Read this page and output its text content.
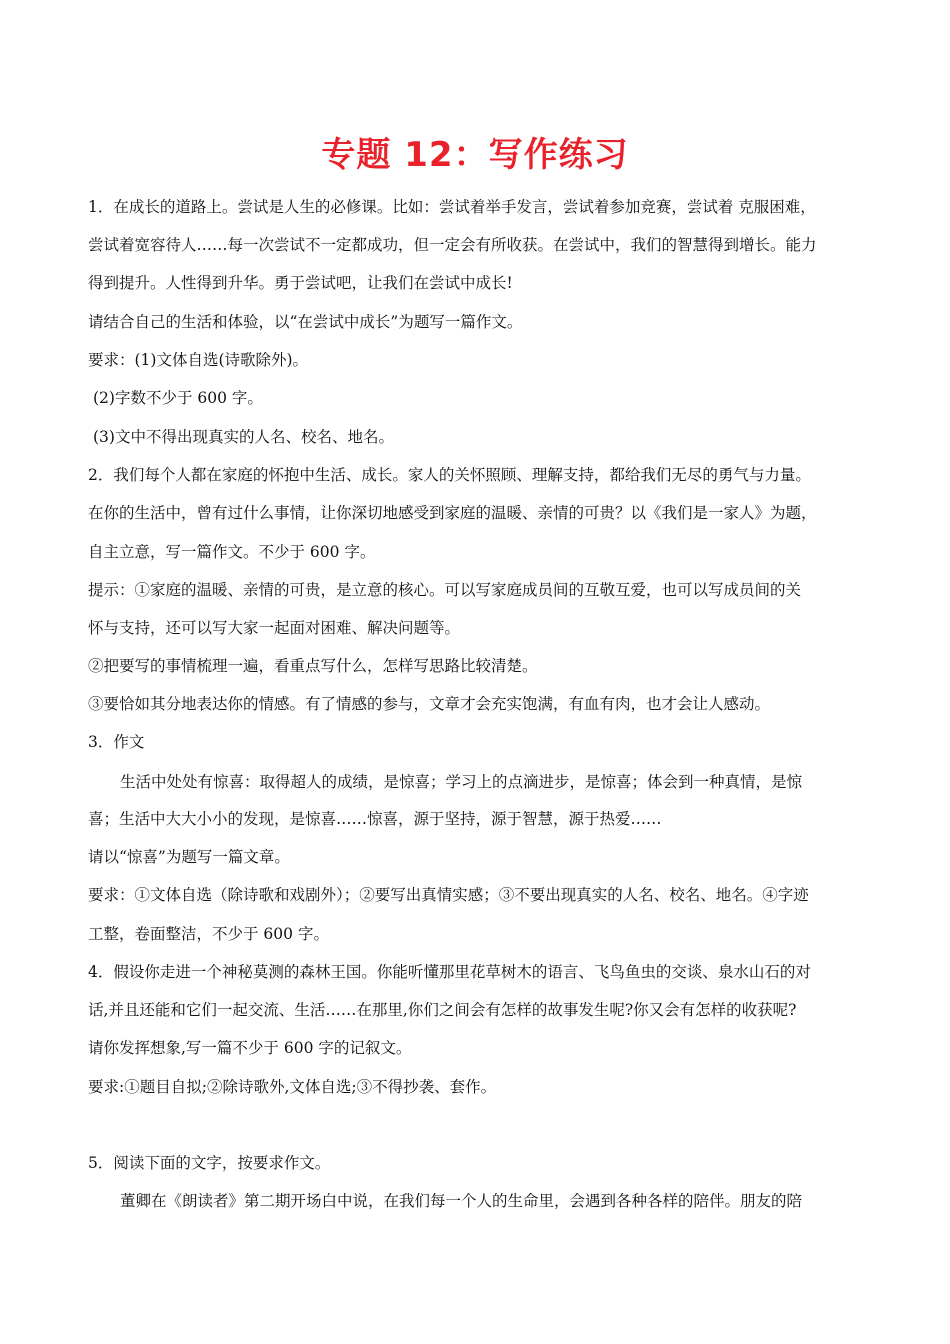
专题 12：写作练习
1．在成长的道路上。尝试是人生的必修课。比如：尝试着举手发言，尝试着参加竞赛，尝试着 克服困难，
尝试着宽容待人……每一次尝试不一定都成功，但一定会有所收获。在尝试中，我们的智慧得到增长。能力
得到提升。人性得到升华。勇于尝试吧，让我们在尝试中成长!
请结合自己的生活和体验，以“在尝试中成长”为题写一篇作文。
要求：(1)文体自选(诗歌除外)。
(2)字数不少于 600 字。
(3)文中不得出现真实的人名、校名、地名。
2．我们每个人都在家庭的怀抱中生活、成长。家人的关怀照顾、理解支持，都给我们无尽的勇气与力量。
在你的生活中，曾有过什么事情，让你深切地感受到家庭的温暖、亲情的可贵？以《我们是一家人》为题，
自主立意，写一篇作文。不少于 600 字。
提示：①家庭的温暖、亲情的可贵，是立意的核心。可以写家庭成员间的互敬互爱，也可以写成员间的关
怀与支持，还可以写大家一起面对困难、解决问题等。
②把要写的事情梳理一遍，看重点写什么，怎样写思路比较清楚。
③要恰如其分地表达你的情感。有了情感的参与，文章才会充实饱满，有血有肉，也才会让人感动。
3．作文
生活中处处有惊喜：取得超人的成绩，是惊喜；学习上的点滴进步，是惊喜；体会到一种真情，是惊
喜；生活中大大小小的发现，是惊喜……惊喜，源于坚持，源于智慧，源于热爱……
请以“惊喜”为题写一篇文章。
要求：①文体自选（除诗歌和戏剧外）；②要写出真情实感；③不要出现真实的人名、校名、地名。④字迹
工整，卷面整洁，不少于 600 字。
4．假设你走进一个神秘莫测的森林王国。你能听懂那里花草树木的语言、飞鸟鱼虫的交谈、泉水山石的对
话,并且还能和它们一起交流、生活……在那里,你们之间会有怎样的故事发生呢?你又会有怎样的收获呢?
请你发挥想象,写一篇不少于 600 字的记叙文。
要求:①题目自拟;②除诗歌外,文体自选;③不得抄袭、套作。
5．阅读下面的文字，按要求作文。
董卿在《朗读者》第二期开场白中说，在我们每一个人的生命里，会遇到各种各样的陪伴。朋友的陪
